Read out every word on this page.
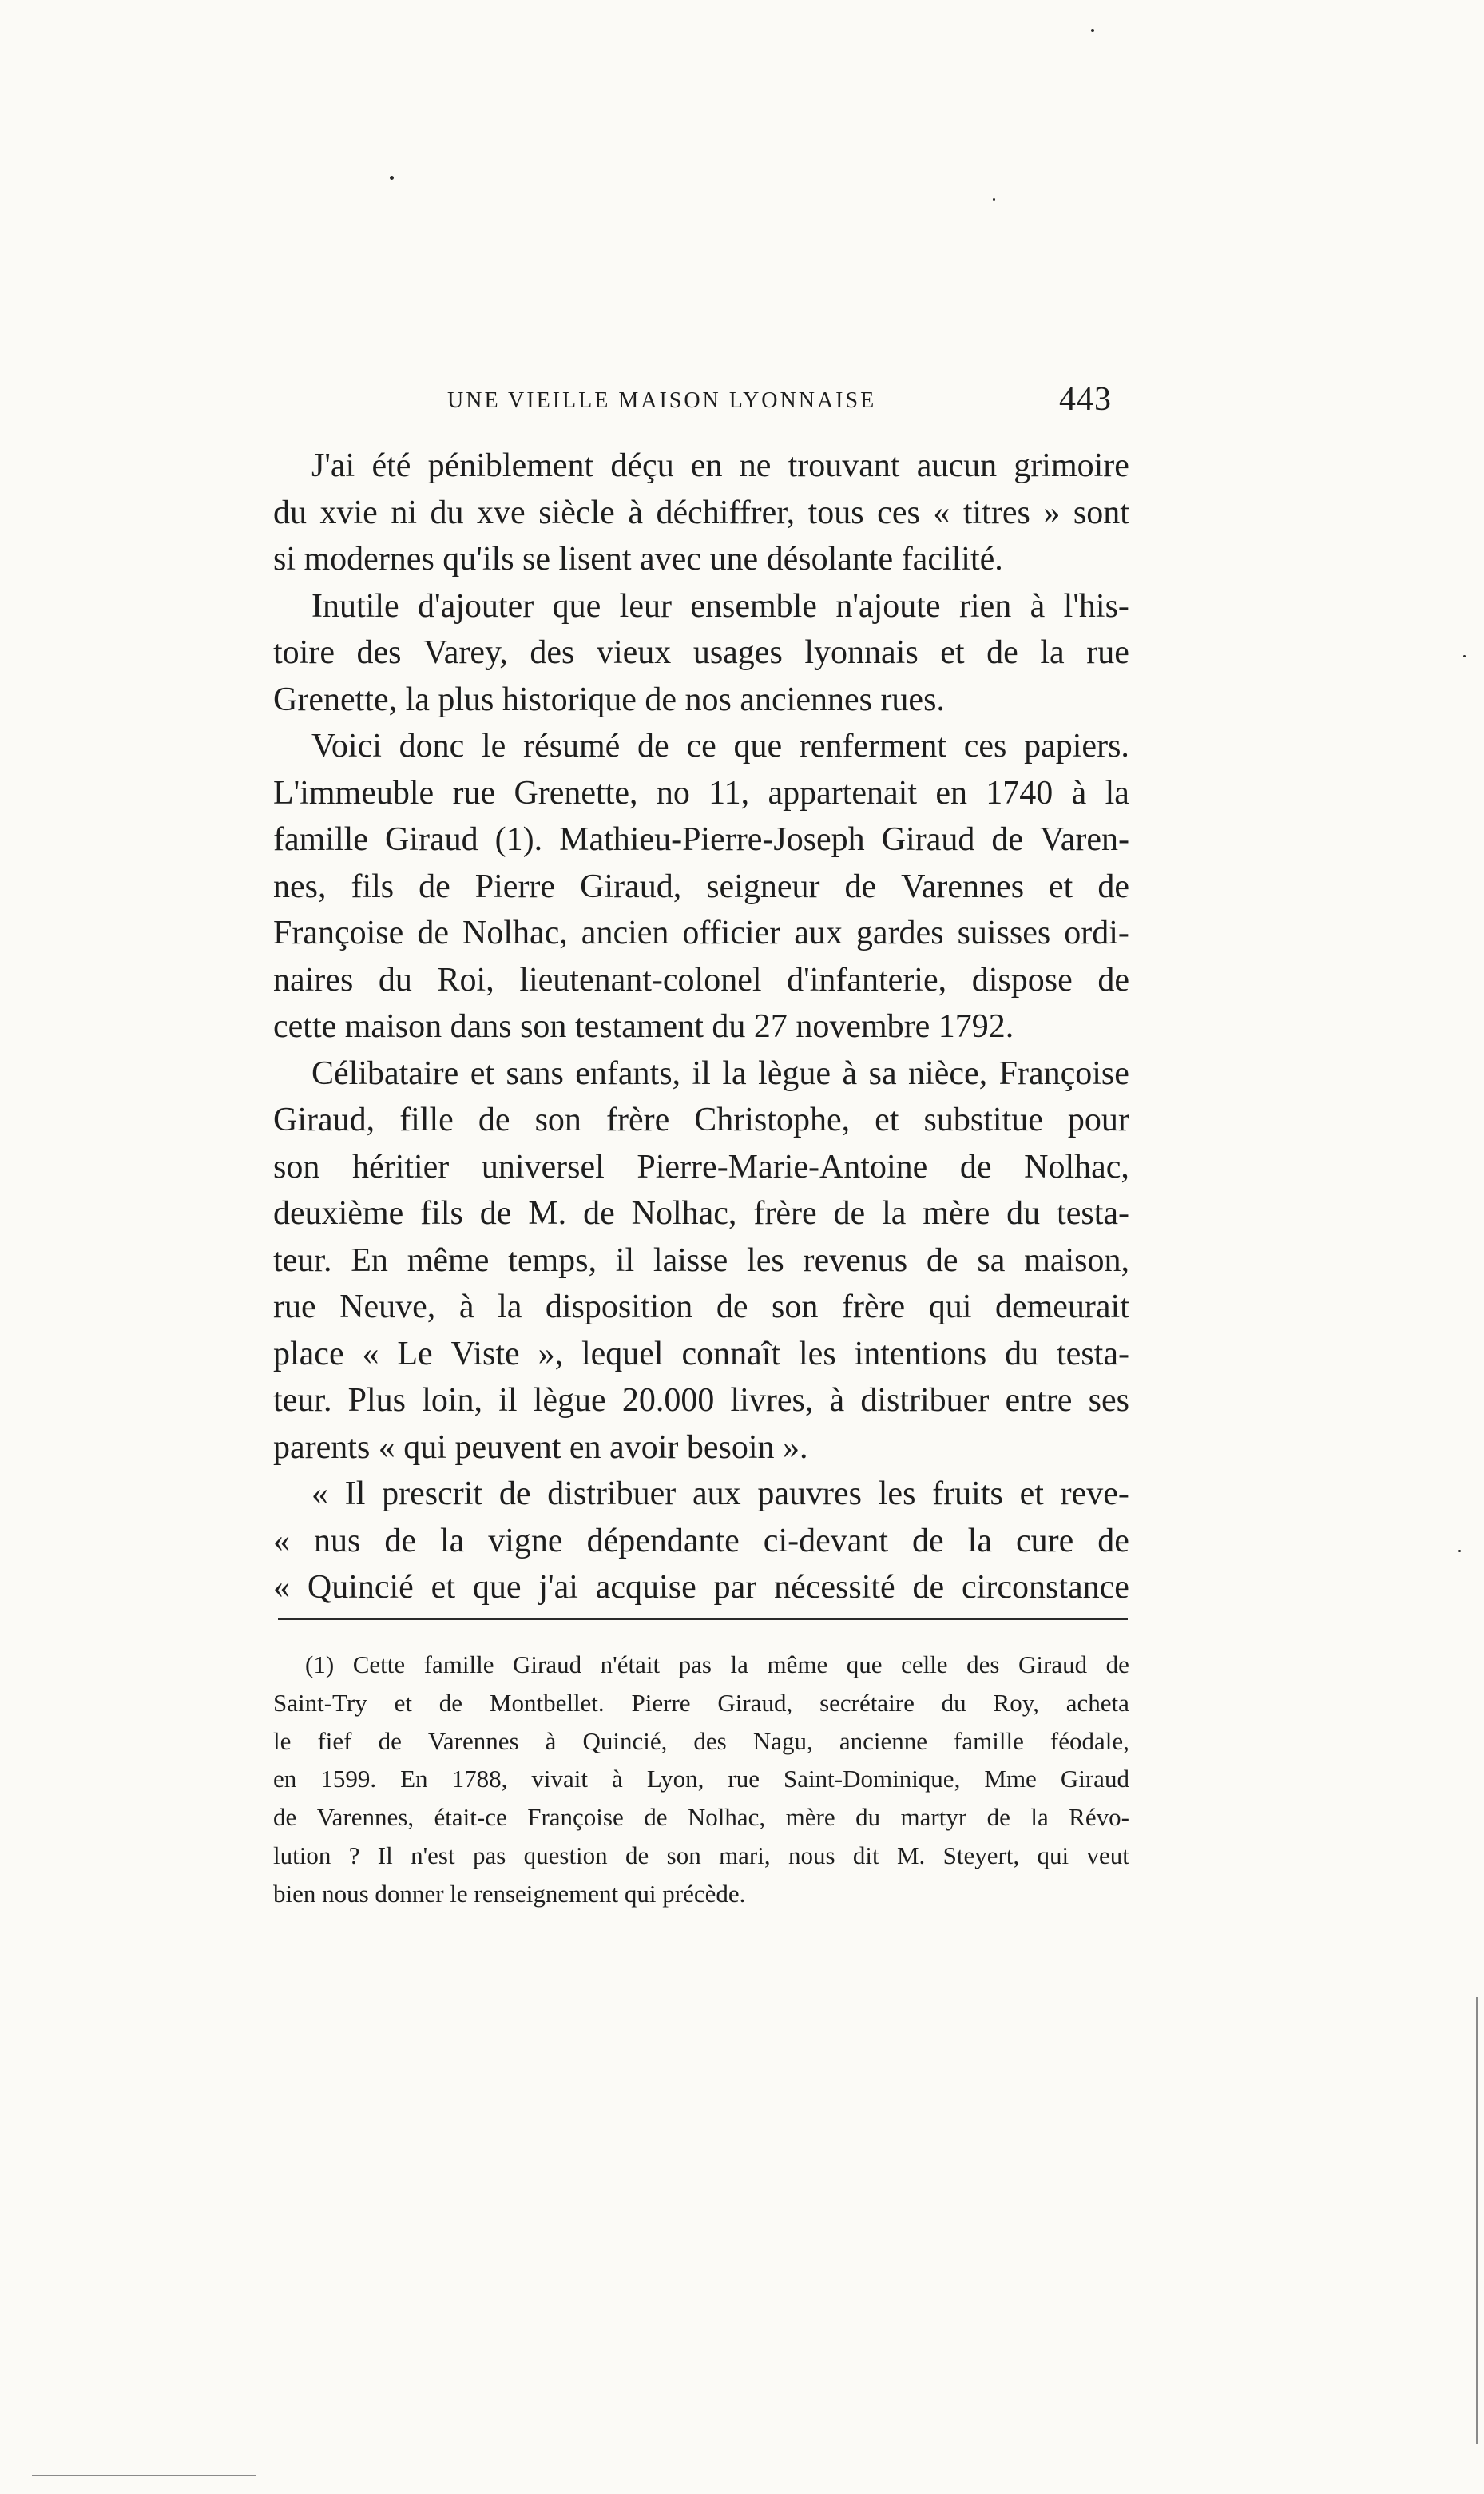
UNE VIEILLE MAISON LYONNAISE	443
J'ai été péniblement déçu en ne trouvant aucun grimoire
du xvie ni du xve siècle à déchiffrer, tous ces « titres » sont
si modernes qu'ils se lisent avec une désolante facilité.
Inutile d'ajouter que leur ensemble n'ajoute rien à l'his-
toire des Varey, des vieux usages lyonnais et de la rue
Grenette, la plus historique de nos anciennes rues.
Voici donc le résumé de ce que renferment ces papiers.
L'immeuble rue Grenette, no 11, appartenait en 1740 à la
famille Giraud (1). Mathieu-Pierre-Joseph Giraud de Varen-
nes, fils de Pierre Giraud, seigneur de Varennes et de
Françoise de Nolhac, ancien officier aux gardes suisses ordi-
naires du Roi, lieutenant-colonel d'infanterie, dispose de
cette maison dans son testament du 27 novembre 1792.
Célibataire et sans enfants, il la lègue à sa nièce, Françoise
Giraud, fille de son frère Christophe, et substitue pour
son héritier universel Pierre-Marie-Antoine de Nolhac,
deuxième fils de M. de Nolhac, frère de la mère du testa-
teur. En même temps, il laisse les revenus de sa maison,
rue Neuve, à la disposition de son frère qui demeurait
place « Le Viste », lequel connaît les intentions du testa-
teur. Plus loin, il lègue 20.000 livres, à distribuer entre ses
parents « qui peuvent en avoir besoin ».
« Il prescrit de distribuer aux pauvres les fruits et reve-
« nus de la vigne dépendante ci-devant de la cure de
« Quincié et que j'ai acquise par nécessité de circonstance
(1) Cette famille Giraud n'était pas la même que celle des Giraud de
Saint-Try et de Montbellet. Pierre Giraud, secrétaire du Roy, acheta
le fief de Varennes à Quincié, des Nagu, ancienne famille féodale,
en 1599. En 1788, vivait à Lyon, rue Saint-Dominique, Mme Giraud
de Varennes, était-ce Françoise de Nolhac, mère du martyr de la Révo-
lution ? Il n'est pas question de son mari, nous dit M. Steyert, qui veut
bien nous donner le renseignement qui précède.
